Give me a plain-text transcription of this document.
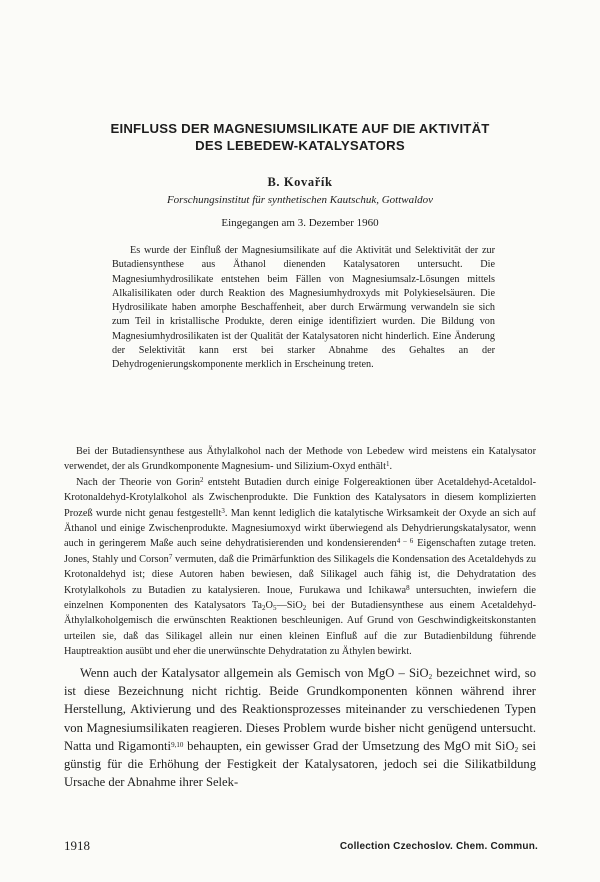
EINFLUSS DER MAGNESIUMSILIKATE AUF DIE AKTIVITÄT
DES LEBEDEW-KATALYSATORS
B. Kovařík
Forschungsinstitut für synthetischen Kautschuk, Gottwaldov
Eingegangen am 3. Dezember 1960

Es wurde der Einfluß der Magnesiumsilikate auf die Aktivität und Selektivität der zur Butadiensynthese aus Äthanol dienenden Katalysatoren untersucht. Die Magnesiumhydrosilikate entstehen beim Fällen von Magnesiumsalz-Lösungen mittels Alkalisilikaten oder durch Reaktion des Magnesiumhydroxyds mit Polykieselsäuren. Die Hydrosilikate haben amorphe Beschaffenheit, aber durch Erwärmung verwandeln sie sich zum Teil in kristallische Produkte, deren einige identifiziert wurden. Die Bildung von Magnesiumhydrosilikaten ist der Qualität der Katalysatoren nicht hinderlich. Eine Änderung der Selektivität kann erst bei starker Abnahme des Gehaltes an der Dehydrogenierungskomponente merklich in Erscheinung treten.

Bei der Butadiensynthese aus Äthylalkohol nach der Methode von Lebedew wird meistens ein Katalysator verwendet, der als Grundkomponente Magnesium- und Silizium-Oxyd enthält$^1$.

Nach der Theorie von Gorin$^2$ entsteht Butadien durch einige Folgereaktionen über Acetaldehyd-Acetaldol-Krotonaldehyd-Krotylalkohol als Zwischenprodukte. Die Funktion des Katalysators in diesem komplizierten Prozeß wurde nicht genau festgestellt$^3$. Man kennt lediglich die katalytische Wirksamkeit der Oxyde an sich auf Äthanol und einige Zwischenprodukte. Magnesiumoxyd wirkt überwiegend als Dehydrierungskatalysator, wenn auch in geringerem Maße auch seine dehydratisierenden und kondensierenden$^{4 - 6}$ Eigenschaften zutage treten. Jones, Stahly und Corson$^7$ vermuten, daß die Primärfunktion des Silikagels die Kondensation des Acetaldehyds zu Krotonaldehyd ist; diese Autoren haben bewiesen, daß Silikagel auch fähig ist, die Dehydratation des Krotylalkohols zu Butadien zu katalysieren. Inoue, Furukawa und Ichikawa$^8$ untersuchten, inwiefern die einzelnen Komponenten des Katalysators $Ta_2O_5—SiO_2$ bei der Butadiensynthese aus einem Acetaldehyd-Äthylalkoholgemisch die erwünschten Reaktionen beschleunigen. Auf Grund von Geschwindigkeitskonstanten urteilen sie, daß das Silikagel allein nur einen kleinen Einfluß auf die zur Butadienbildung führende Hauptreaktion ausübt und eher die unerwünschte Dehydratation zu Äthylen bewirkt.

Wenn auch der Katalysator allgemein als Gemisch von MgO – SiO$_2$ bezeichnet wird, so ist diese Bezeichnung nicht richtig. Beide Grundkomponenten können während ihrer Herstellung, Aktivierung und des Reaktionsprozesses miteinander zu verschiedenen Typen von Magnesiumsilikaten reagieren. Dieses Problem wurde bisher nicht genügend untersucht. Natta und Rigamonti$^{9,10}$ behaupten, ein gewisser Grad der Umsetzung des MgO mit SiO$_2$ sei günstig für die Erhöhung der Festigkeit der Katalysatoren, jedoch sei die Silikatbildung Ursache der Abnahme ihrer Selek-

1918	Collection Czechoslov. Chem. Commun.
